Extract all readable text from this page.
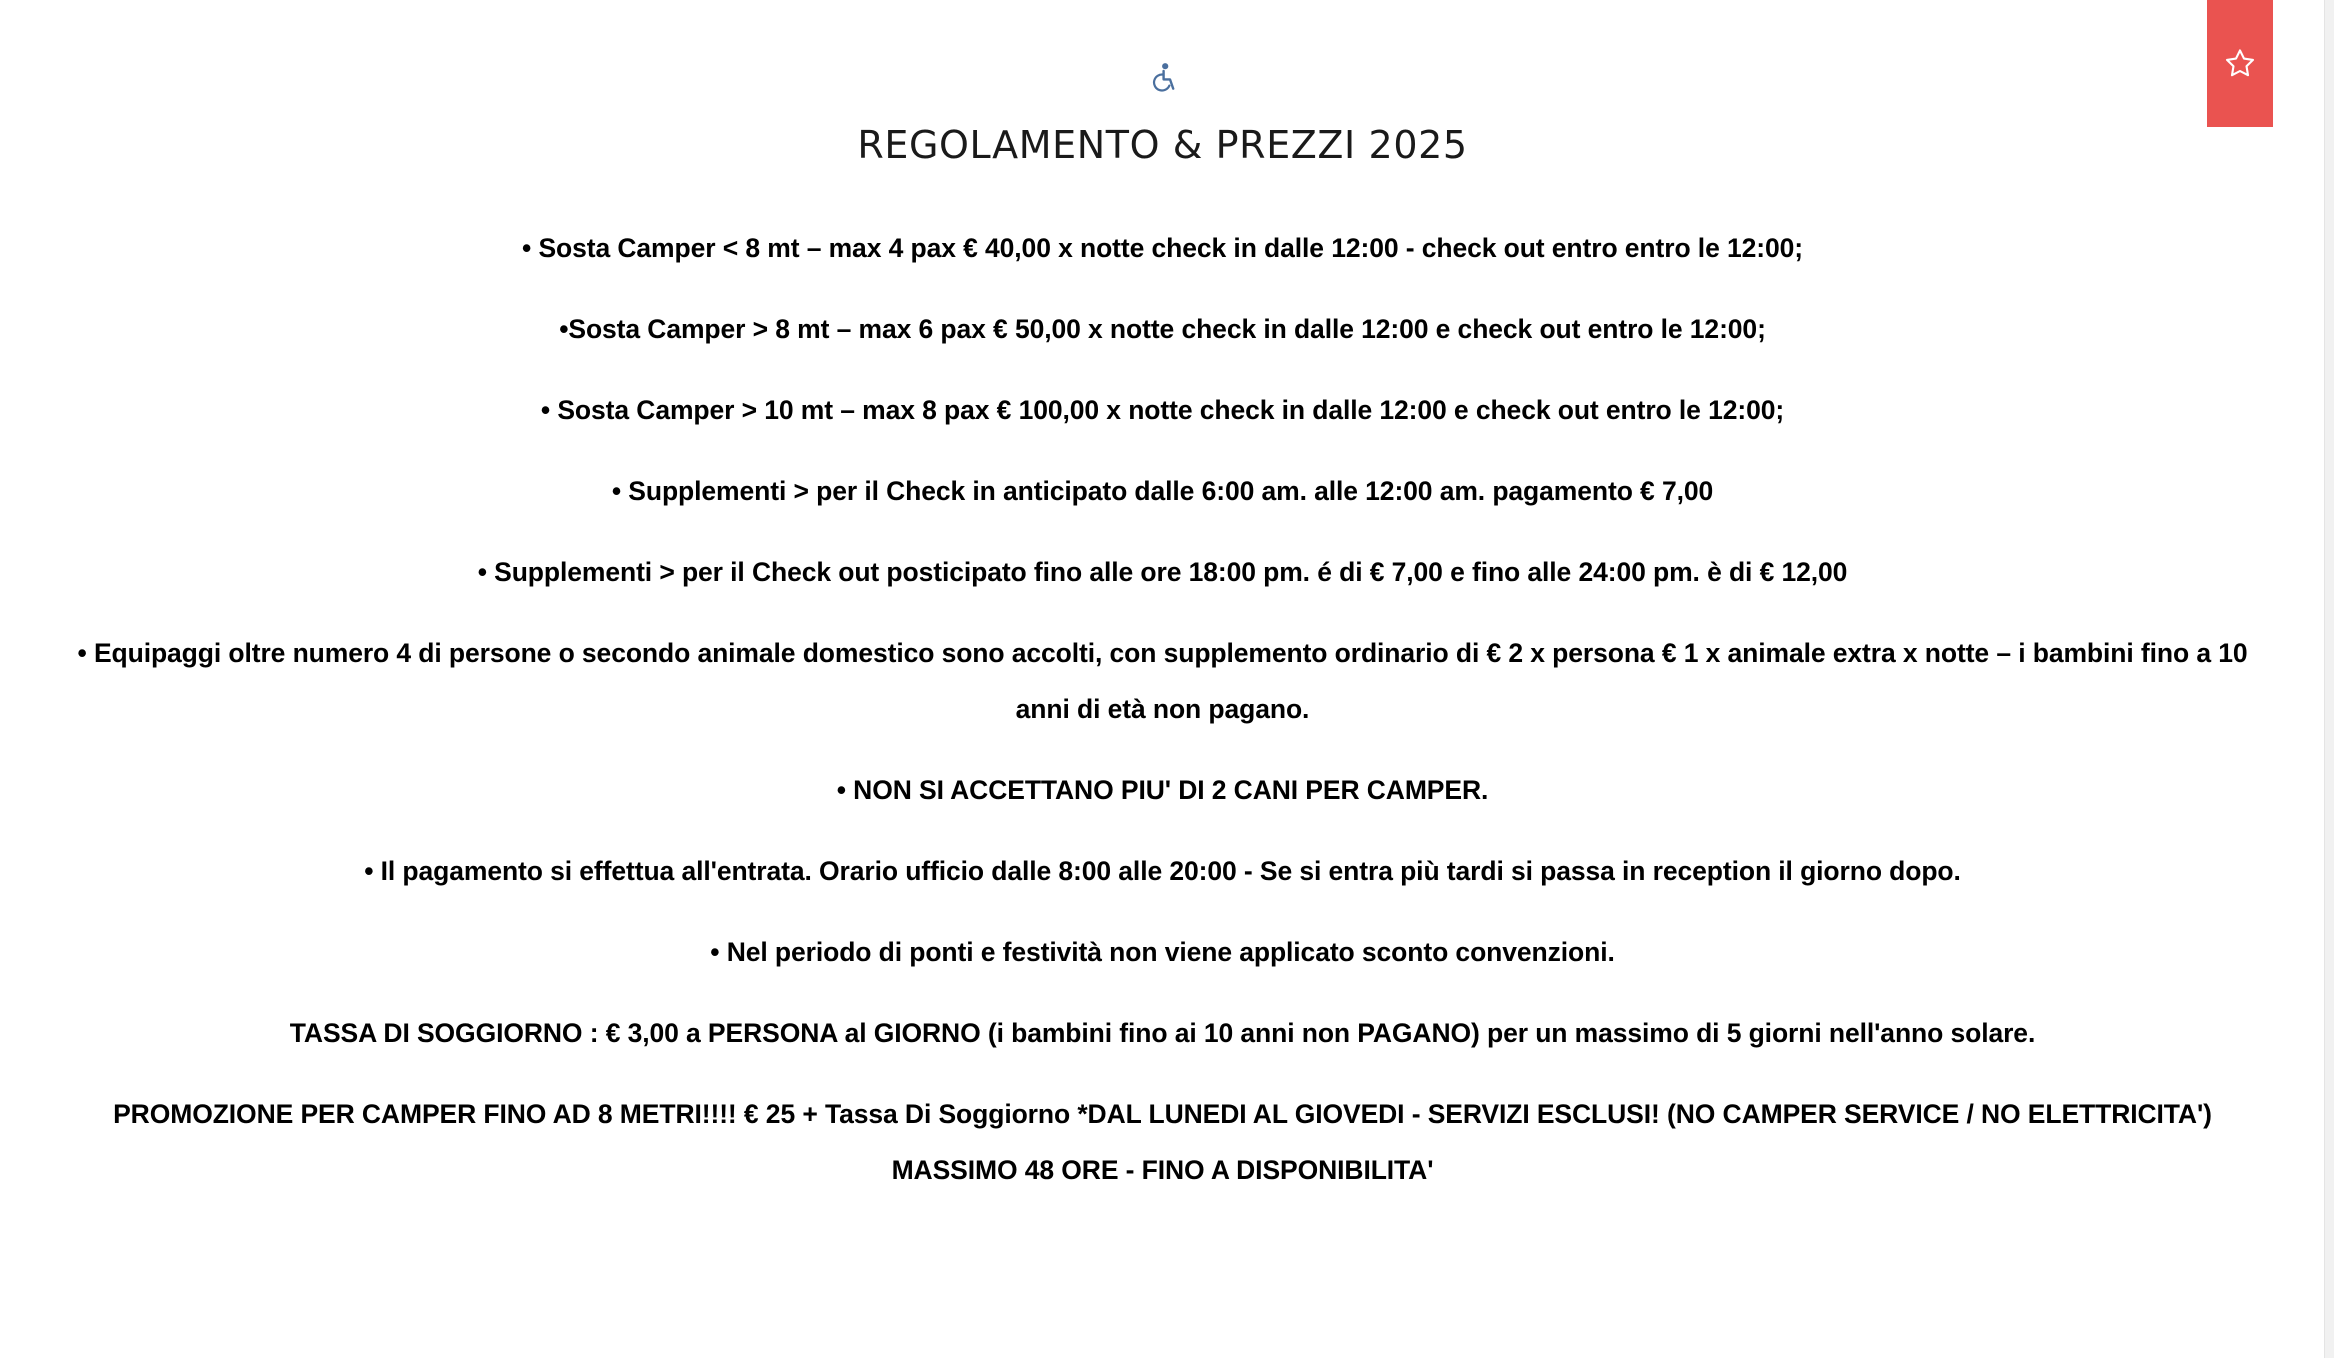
REGOLAMENTO & PREZZI 2025

• Sosta Camper < 8 mt – max 4 pax € 40,00 x notte check in dalle 12:00 - check out entro entro le 12:00;

•Sosta Camper > 8 mt – max 6 pax € 50,00 x notte check in dalle 12:00 e check out entro le 12:00;

• Sosta Camper > 10 mt – max 8 pax € 100,00 x notte check in dalle 12:00 e check out entro le 12:00;

• Supplementi > per il Check in anticipato dalle 6:00 am. alle 12:00 am. pagamento € 7,00

• Supplementi > per il Check out posticipato fino alle ore 18:00 pm. é di € 7,00 e fino alle 24:00 pm. è di € 12,00

• Equipaggi oltre numero 4 di persone o secondo animale domestico sono accolti, con supplemento ordinario di € 2 x persona € 1 x animale extra x notte – i bambini fino a 10 anni di età non pagano.

• NON SI ACCETTANO PIU' DI 2 CANI PER CAMPER.

• Il pagamento si effettua all'entrata. Orario ufficio dalle 8:00 alle 20:00 - Se si entra più tardi si passa in reception il giorno dopo.

• Nel periodo di ponti e festività non viene applicato sconto convenzioni.

TASSA DI SOGGIORNO : € 3,00 a PERSONA al GIORNO (i bambini fino ai 10 anni non PAGANO) per un massimo di 5 giorni nell'anno solare.

PROMOZIONE PER CAMPER FINO AD 8 METRI!!!! € 25 + Tassa Di Soggiorno *DAL LUNEDI AL GIOVEDI - SERVIZI ESCLUSI! (NO CAMPER SERVICE / NO ELETTRICITA') MASSIMO 48 ORE - FINO A DISPONIBILITA'
